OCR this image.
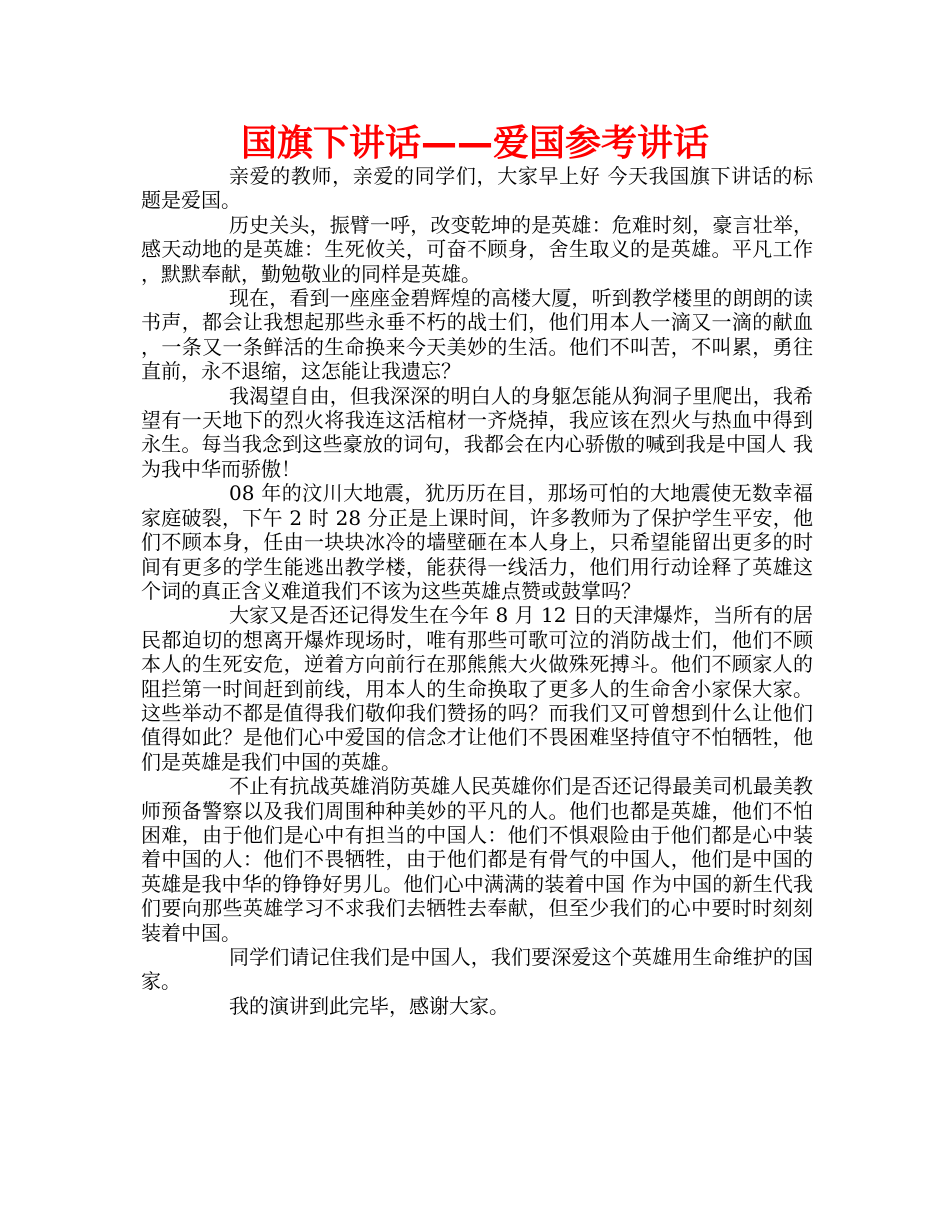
国旗下讲话——爱国参考讲话

亲爱的教师，亲爱的同学们，大家早上好 今天我国旗下讲话的标题是爱国。

历史关头，振臂一呼，改变乾坤的是英雄：危难时刻，豪言壮举，感天动地的是英雄：生死攸关，可奋不顾身，舍生取义的是英雄。平凡工作，默默奉献，勤勉敬业的同样是英雄。

现在，看到一座座金碧辉煌的高楼大厦，听到教学楼里的朗朗的读书声，都会让我想起那些永垂不朽的战士们，他们用本人一滴又一滴的献血，一条又一条鲜活的生命换来今天美妙的生活。他们不叫苦，不叫累，勇往直前，永不退缩，这怎能让我遗忘？

我渴望自由，但我深深的明白人的身躯怎能从狗洞子里爬出，我希望有一天地下的烈火将我连这活棺材一齐烧掉，我应该在烈火与热血中得到永生。每当我念到这些豪放的词句，我都会在内心骄傲的喊到我是中国人 我为我中华而骄傲！

08 年的汶川大地震，犹历历在目，那场可怕的大地震使无数幸福家庭破裂，下午 2 时 28 分正是上课时间，许多教师为了保护学生平安，他们不顾本身，任由一块块冰冷的墙壁砸在本人身上，只希望能留出更多的时间有更多的学生能逃出教学楼，能获得一线活力，他们用行动诠释了英雄这个词的真正含义难道我们不该为这些英雄点赞或鼓掌吗？

大家又是否还记得发生在今年 8 月 12 日的天津爆炸，当所有的居民都迫切的想离开爆炸现场时，唯有那些可歌可泣的消防战士们，他们不顾本人的生死安危，逆着方向前行在那熊熊大火做殊死搏斗。他们不顾家人的阻拦第一时间赶到前线，用本人的生命换取了更多人的生命舍小家保大家。这些举动不都是值得我们敬仰我们赞扬的吗？而我们又可曾想到什么让他们值得如此？是他们心中爱国的信念才让他们不畏困难坚持值守不怕牺牲，他们是英雄是我们中国的英雄。

不止有抗战英雄消防英雄人民英雄你们是否还记得最美司机最美教师预备警察以及我们周围种种美妙的平凡的人。他们也都是英雄，他们不怕困难，由于他们是心中有担当的中国人：他们不惧艰险由于他们都是心中装着中国的人：他们不畏牺牲，由于他们都是有骨气的中国人，他们是中国的英雄是我中华的铮铮好男儿。他们心中满满的装着中国 作为中国的新生代我们要向那些英雄学习不求我们去牺牲去奉献，但至少我们的心中要时时刻刻装着中国。

同学们请记住我们是中国人，我们要深爱这个英雄用生命维护的国家。

我的演讲到此完毕，感谢大家。
